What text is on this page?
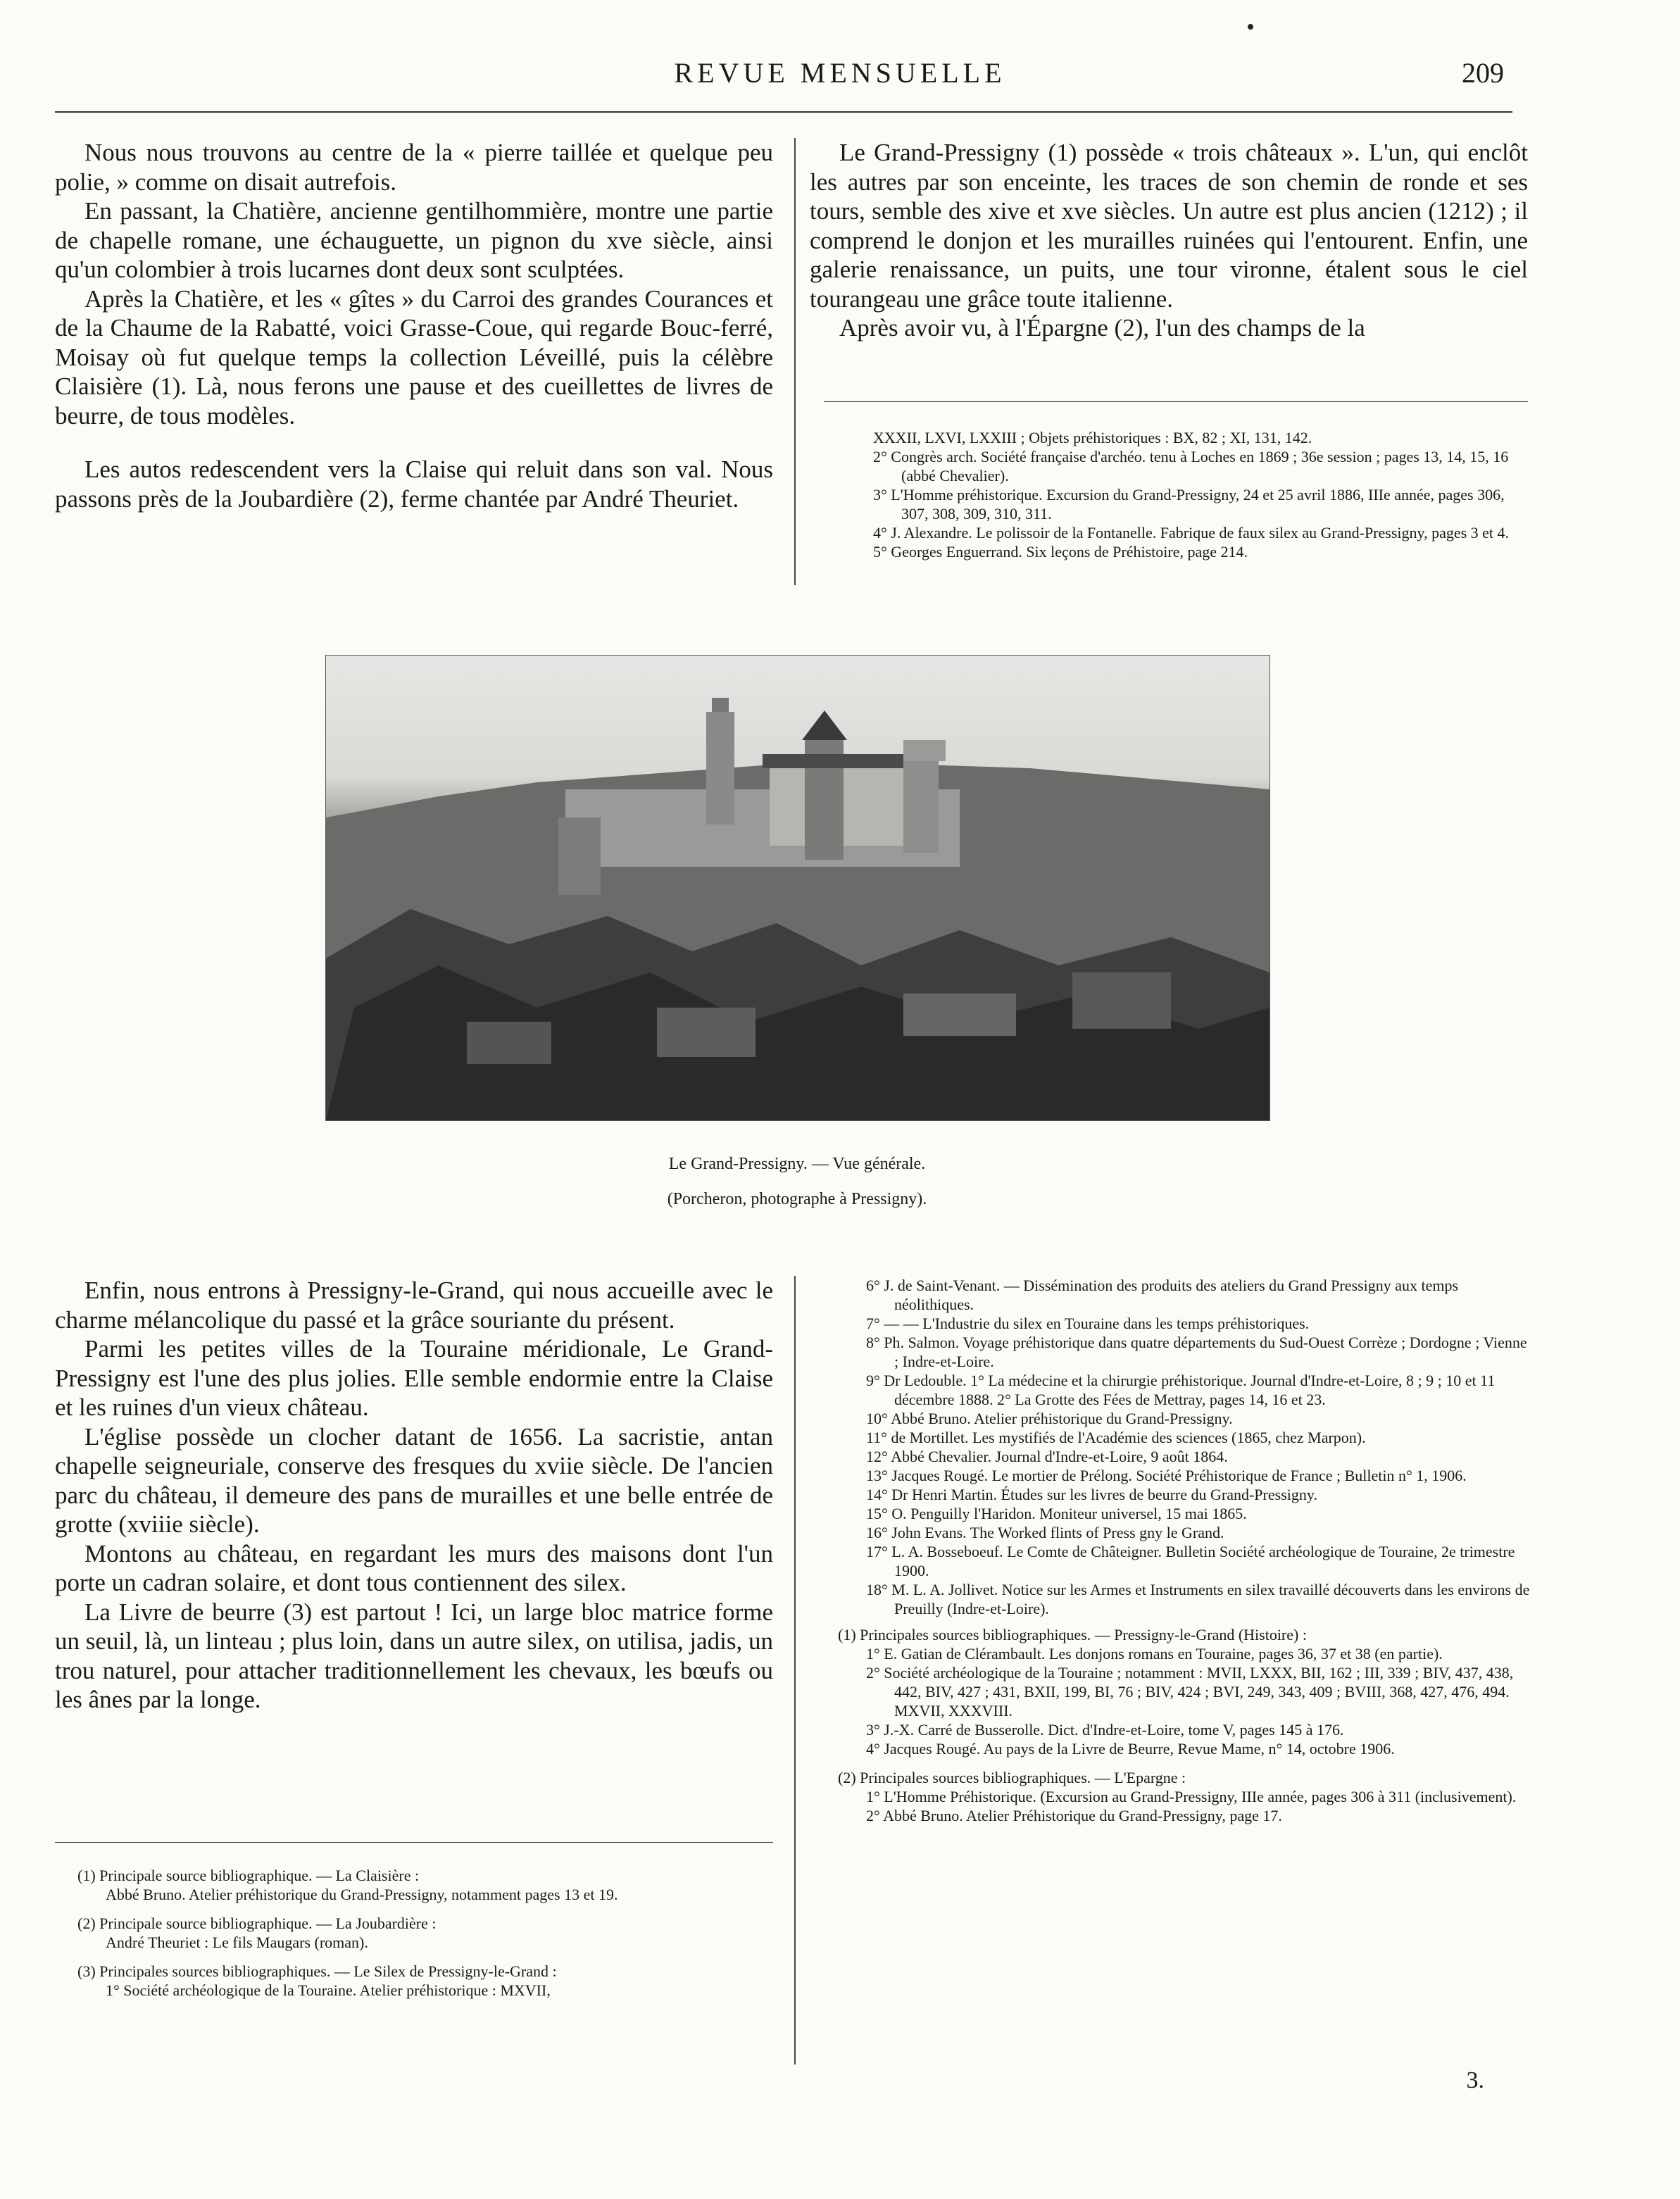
REVUE MENSUELLE	209

Nous nous trouvons au centre de la « pierre taillée et quelque peu polie, » comme on disait autrefois.

En passant, la Chatière, ancienne gentilhommière, montre une partie de chapelle romane, une échauguette, un pignon du xve siècle, ainsi qu'un colombier à trois lucarnes dont deux sont sculptées.

Après la Chatière, et les « gîtes » du Carroi des grandes Courances et de la Chaume de la Rabatté, voici Grasse-Coue, qui regarde Bouc-ferré, Moisay où fut quelque temps la collection Léveillé, puis la célèbre Claisière (1). Là, nous ferons une pause et des cueillettes de livres de beurre, de tous modèles.

Les autos redescendent vers la Claise qui reluit dans son val. Nous passons près de la Joubardière (2), ferme chantée par André Theuriet.

Le Grand-Pressigny (1) possède « trois châteaux ». L'un, qui enclôt les autres par son enceinte, les traces de son chemin de ronde et ses tours, semble des xive et xve siècles. Un autre est plus ancien (1212) ; il comprend le donjon et les murailles ruinées qui l'entourent. Enfin, une galerie renaissance, un puits, une tour vironne, étalent sous le ciel tourangeau une grâce toute italienne.

Après avoir vu, à l'Épargne (2), l'un des champs de la

XXXII, LXVI, LXXIII ; Objets préhistoriques : BX, 82 ; XI, 131, 142.

2° Congrès arch. Société française d'archéo. tenu à Loches en 1869 ; 36e session ; pages 13, 14, 15, 16 (abbé Chevalier).

3° L'Homme préhistorique. Excursion du Grand-Pressigny, 24 et 25 avril 1886, IIIe année, pages 306, 307, 308, 309, 310, 311.

4° J. Alexandre. Le polissoir de la Fontanelle. Fabrique de faux silex au Grand-Pressigny, pages 3 et 4.

5° Georges Enguerrand. Six leçons de Préhistoire, page 214.

Le Grand-Pressigny. — Vue générale.
(Porcheron, photographe à Pressigny).

Enfin, nous entrons à Pressigny-le-Grand, qui nous accueille avec le charme mélancolique du passé et la grâce souriante du présent.

Parmi les petites villes de la Touraine méridionale, Le Grand-Pressigny est l'une des plus jolies. Elle semble endormie entre la Claise et les ruines d'un vieux château.

L'église possède un clocher datant de 1656. La sacristie, antan chapelle seigneuriale, conserve des fresques du xviie siècle. De l'ancien parc du château, il demeure des pans de murailles et une belle entrée de grotte (xviiie siècle).

Montons au château, en regardant les murs des maisons dont l'un porte un cadran solaire, et dont tous contiennent des silex.

La Livre de beurre (3) est partout ! Ici, un large bloc matrice forme un seuil, là, un linteau ; plus loin, dans un autre silex, on utilisa, jadis, un trou naturel, pour attacher traditionnellement les chevaux, les bœufs ou les ânes par la longe.

(1) Principale source bibliographique. — La Claisière :

Abbé Bruno. Atelier préhistorique du Grand-Pressigny, notamment pages 13 et 19.

(2) Principale source bibliographique. — La Joubardière :

André Theuriet : Le fils Maugars (roman).

(3) Principales sources bibliographiques. — Le Silex de Pressigny-le-Grand :

1° Société archéologique de la Touraine. Atelier préhistorique : MXVII,

6° J. de Saint-Venant. — Dissémination des produits des ateliers du Grand Pressigny aux temps néolithiques.

7° — — L'Industrie du silex en Touraine dans les temps préhistoriques.

8° Ph. Salmon. Voyage préhistorique dans quatre départements du Sud-Ouest Corrèze ; Dordogne ; Vienne ; Indre-et-Loire.

9° Dr Ledouble. 1° La médecine et la chirurgie préhistorique. Journal d'Indre-et-Loire, 8 ; 9 ; 10 et 11 décembre 1888. 2° La Grotte des Fées de Mettray, pages 14, 16 et 23.

10° Abbé Bruno. Atelier préhistorique du Grand-Pressigny.

11° de Mortillet. Les mystifiés de l'Académie des sciences (1865, chez Marpon).

12° Abbé Chevalier. Journal d'Indre-et-Loire, 9 août 1864.

13° Jacques Rougé. Le mortier de Prélong. Société Préhistorique de France ; Bulletin n° 1, 1906.

14° Dr Henri Martin. Études sur les livres de beurre du Grand-Pressigny.

15° O. Penguilly l'Haridon. Moniteur universel, 15 mai 1865.

16° John Evans. The Worked flints of Press gny le Grand.

17° L. A. Bosseboeuf. Le Comte de Châteigner. Bulletin Société archéologique de Touraine, 2e trimestre 1900.

18° M. L. A. Jollivet. Notice sur les Armes et Instruments en silex travaillé découverts dans les environs de Preuilly (Indre-et-Loire).

(1) Principales sources bibliographiques. — Pressigny-le-Grand (Histoire) :

1° E. Gatian de Clérambault. Les donjons romans en Touraine, pages 36, 37 et 38 (en partie).

2° Société archéologique de la Touraine ; notamment : MVII, LXXX, BII, 162 ; III, 339 ; BIV, 437, 438, 442, BIV, 427 ; 431, BXII, 199, BI, 76 ; BIV, 424 ; BVI, 249, 343, 409 ; BVIII, 368, 427, 476, 494. MXVII, XXXVIII.

3° J.-X. Carré de Busserolle. Dict. d'Indre-et-Loire, tome V, pages 145 à 176.

4° Jacques Rougé. Au pays de la Livre de Beurre, Revue Mame, n° 14, octobre 1906.

(2) Principales sources bibliographiques. — L'Epargne :

1° L'Homme Préhistorique. (Excursion au Grand-Pressigny, IIIe année, pages 306 à 311 (inclusivement).

2° Abbé Bruno. Atelier Préhistorique du Grand-Pressigny, page 17.

3.
